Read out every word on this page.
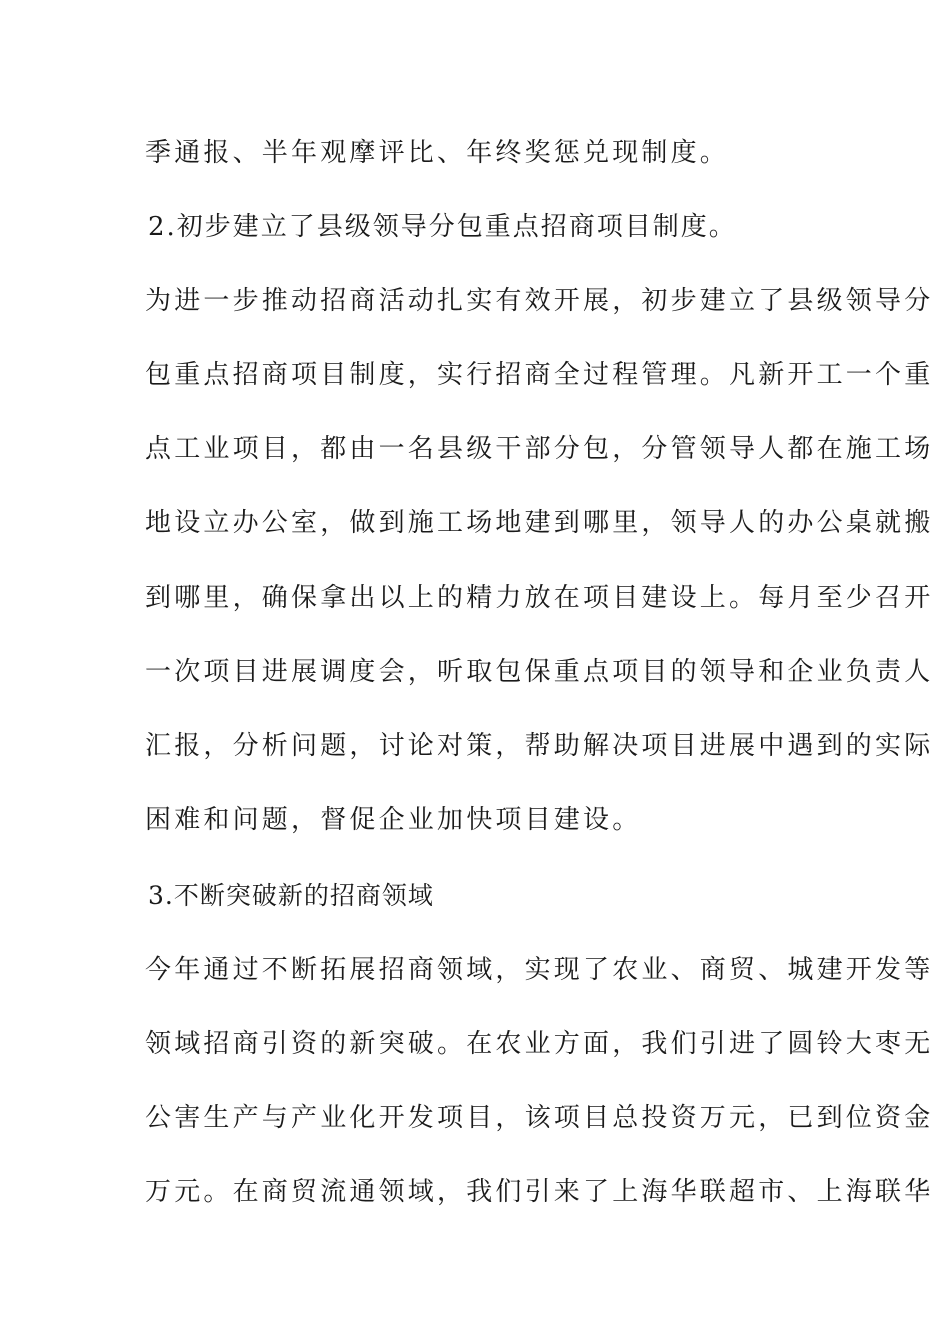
季通报、半年观摩评比、年终奖惩兑现制度。
2.初步建立了县级领导分包重点招商项目制度。
为进一步推动招商活动扎实有效开展，初步建立了县级领导分
包重点招商项目制度，实行招商全过程管理。凡新开工一个重
点工业项目，都由一名县级干部分包，分管领导人都在施工场
地设立办公室，做到施工场地建到哪里，领导人的办公桌就搬
到哪里，确保拿出以上的精力放在项目建设上。每月至少召开
一次项目进展调度会，听取包保重点项目的领导和企业负责人
汇报，分析问题，讨论对策，帮助解决项目进展中遇到的实际
困难和问题，督促企业加快项目建设。
3.不断突破新的招商领域
今年通过不断拓展招商领域，实现了农业、商贸、城建开发等
领域招商引资的新突破。在农业方面，我们引进了圆铃大枣无
公害生产与产业化开发项目，该项目总投资万元，已到位资金
万元。在商贸流通领域，我们引来了上海华联超市、上海联华
